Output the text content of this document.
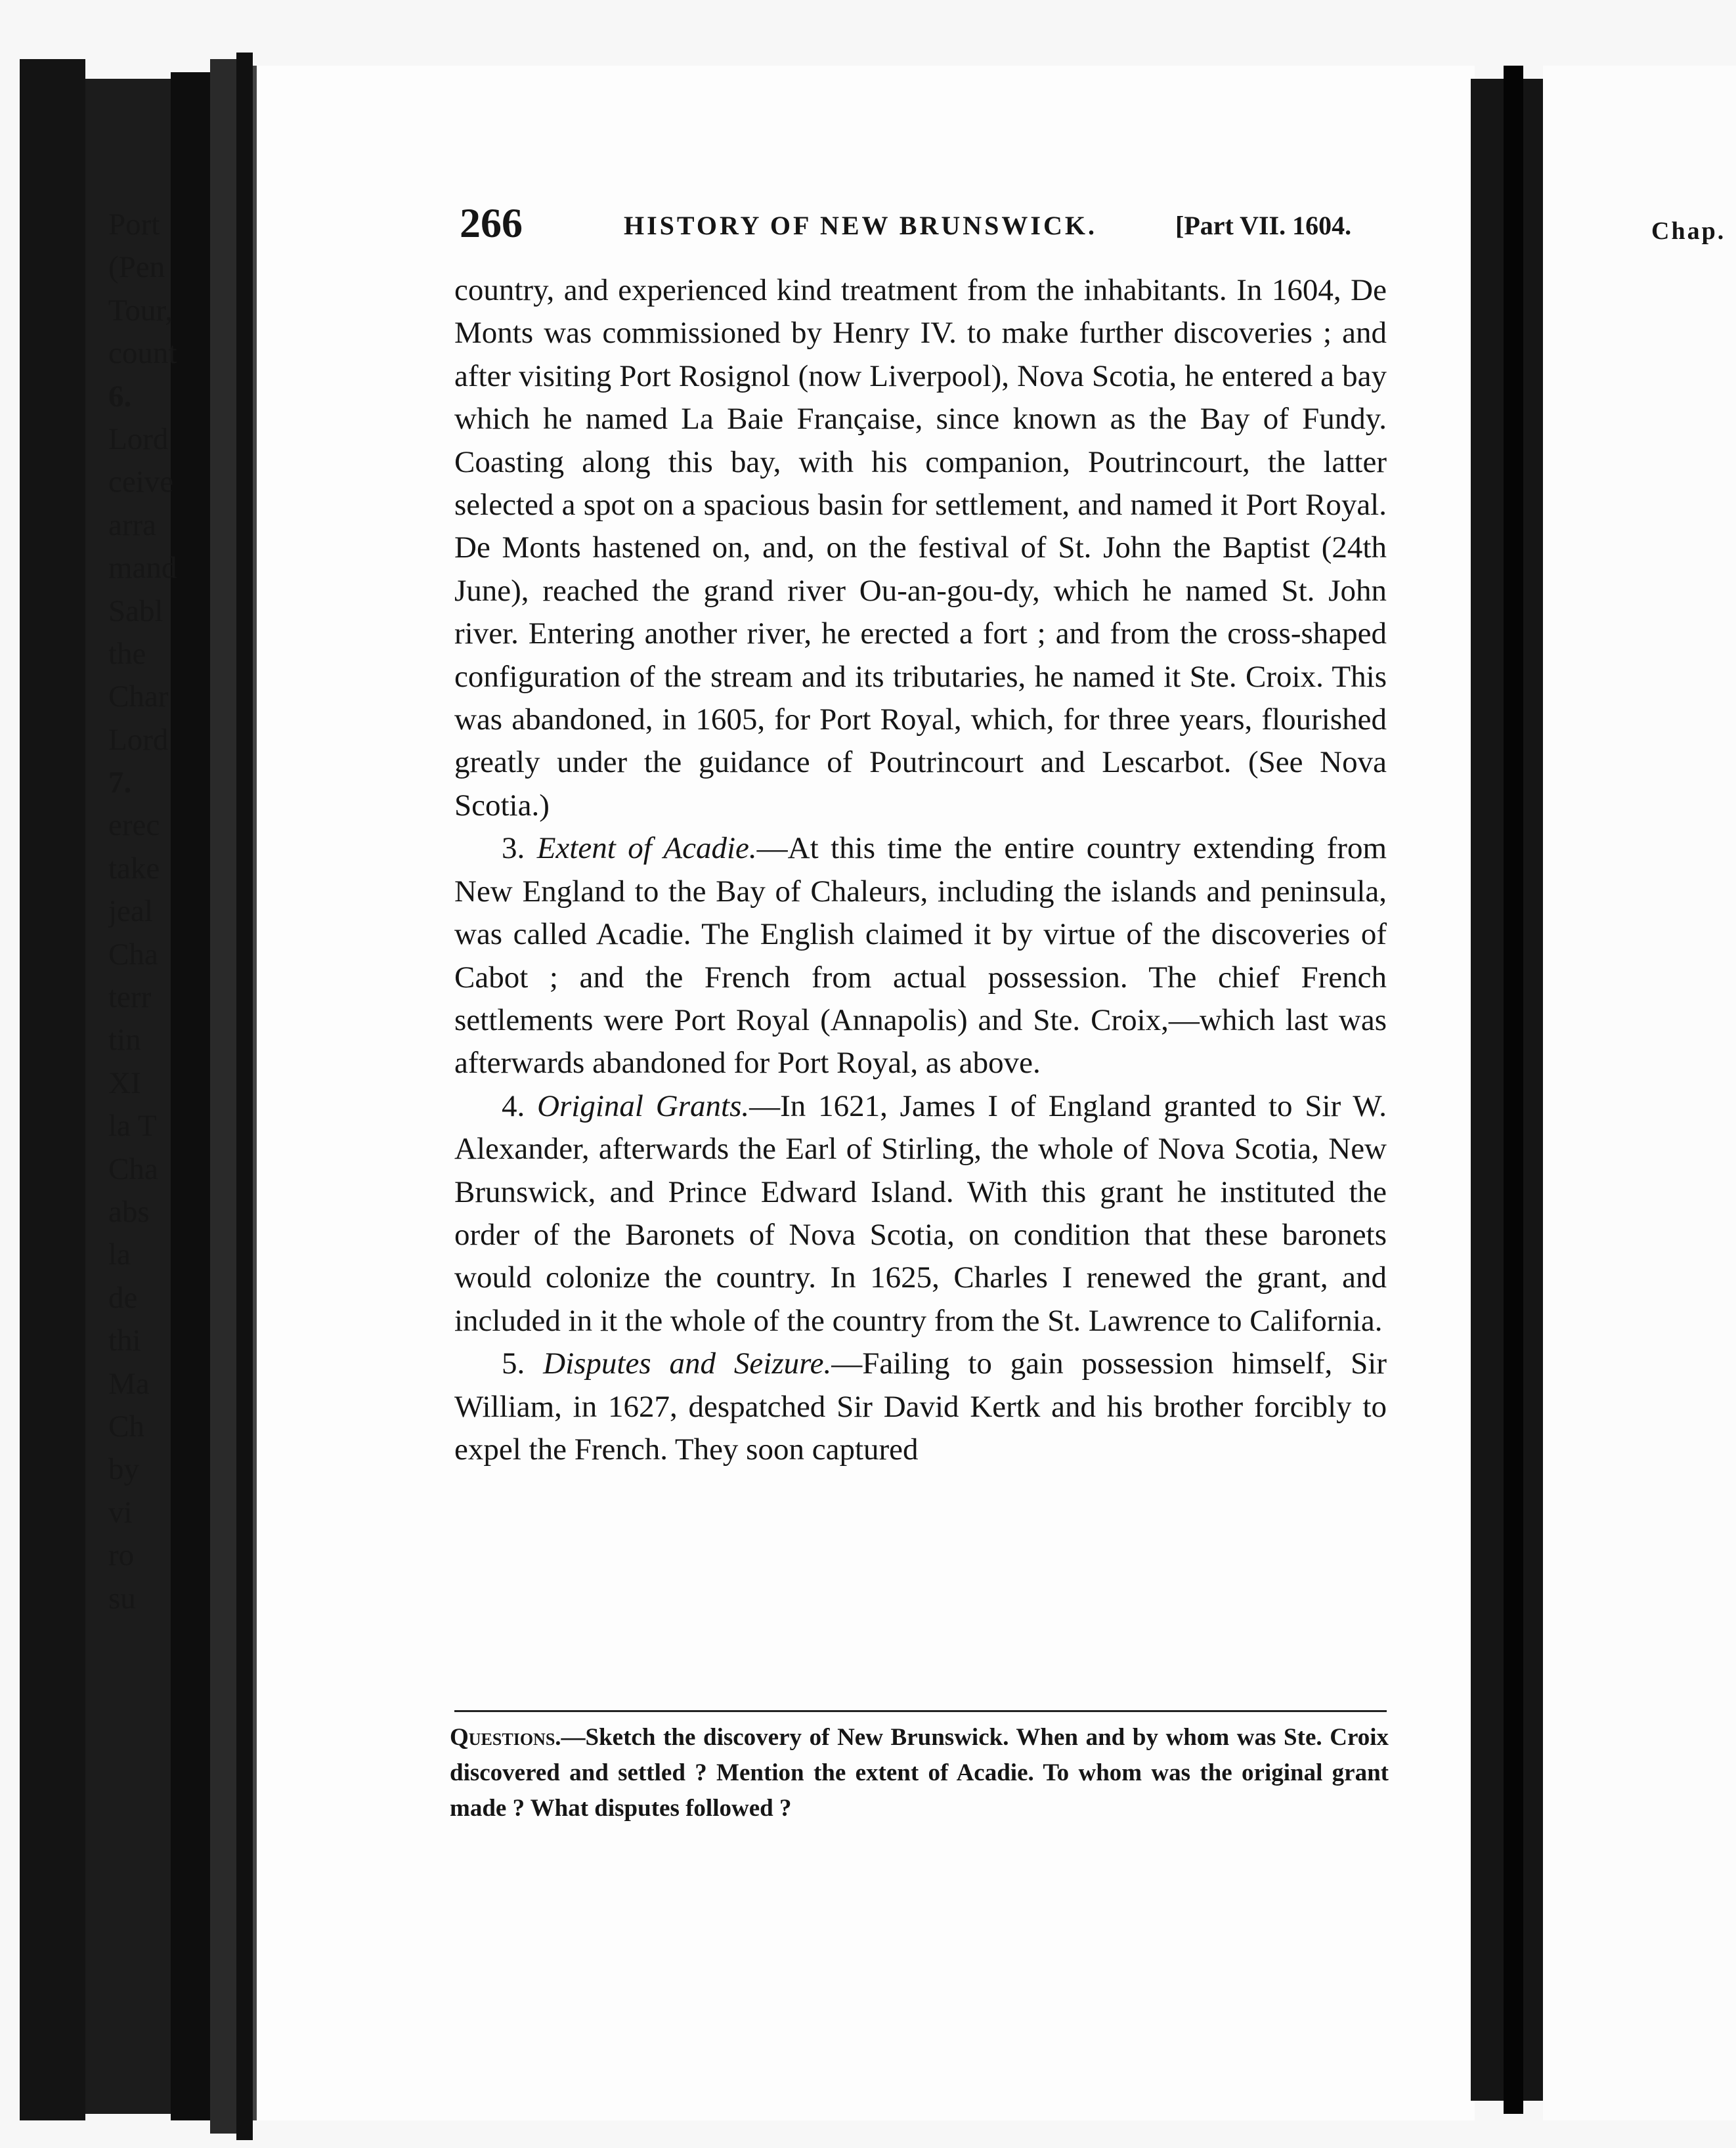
266	HISTORY OF NEW BRUNSWICK.	[Part VII. 1604.

country, and experienced kind treatment from the inhabitants. In 1604, De Monts was commissioned by Henry IV. to make further discoveries ; and after visiting Port Rosignol (now Liverpool), Nova Scotia, he entered a bay which he named La Baie Française, since known as the Bay of Fundy. Coasting along this bay, with his companion, Poutrincourt, the latter selected a spot on a spacious basin for settlement, and named it Port Royal. De Monts hastened on, and, on the festival of St. John the Baptist (24th June), reached the grand river Ou-an-gou-dy, which he named St. John river. Entering another river, he erected a fort ; and from the cross-shaped configuration of the stream and its tributaries, he named it Ste. Croix. This was abandoned, in 1605, for Port Royal, which, for three years, flourished greatly under the guidance of Poutrincourt and Lescarbot. (See Nova Scotia.)

3. Extent of Acadie.—At this time the entire country extending from New England to the Bay of Chaleurs, including the islands and peninsula, was called Acadie. The English claimed it by virtue of the discoveries of Cabot ; and the French from actual possession. The chief French settlements were Port Royal (Annapolis) and Ste. Croix,—which last was afterwards abandoned for Port Royal, as above.

4. Original Grants.—In 1621, James I of England granted to Sir W. Alexander, afterwards the Earl of Stirling, the whole of Nova Scotia, New Brunswick, and Prince Edward Island. With this grant he instituted the order of the Baronets of Nova Scotia, on condition that these baronets would colonize the country. In 1625, Charles I renewed the grant, and included in it the whole of the country from the St. Lawrence to California.

5. Disputes and Seizure.—Failing to gain possession himself, Sir William, in 1627, despatched Sir David Kertk and his brother forcibly to expel the French. They soon captured

Questions.—Sketch the discovery of New Brunswick. When and by whom was Ste. Croix discovered and settled ? Mention the extent of Acadie. To whom was the original grant made ? What disputes followed ?
Chap.
Port
(Pen
Tour,
count
6.
Lord
ceive
arra
mand
Sabl
the
Char
Lord
7.
erec
take
jeal
Cha
terr
tin
XI
la T
Cha
abs
la
de
thi
Ma
Ch
by
vi
ro
su
